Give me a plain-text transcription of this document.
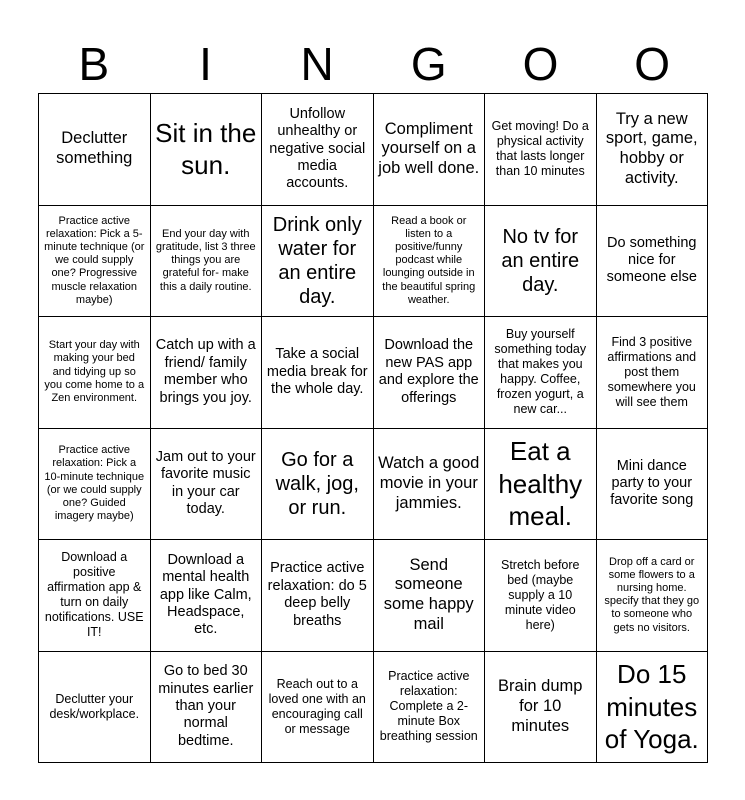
B	I	N	G	O	O
Declutter something
Sit in the sun.
Unfollow unhealthy or negative social media accounts.
Compliment yourself on a job well done.
Get moving! Do a physical activity that lasts longer than 10 minutes
Try a new sport, game, hobby or activity.
Practice active relaxation: Pick a 5-minute technique (or we could supply one? Progressive muscle relaxation maybe)
End your day with gratitude, list 3 three things you are grateful for- make this a daily routine.
Drink only water for an entire day.
Read a book or listen to a positive/funny podcast while lounging outside in the beautiful spring weather.
No tv for an entire day.
Do something nice for someone else
Start your day with making your bed and tidying up so you come home to a Zen environment.
Catch up with a friend/ family member who brings you joy.
Take a social media break for the whole day.
Download the new PAS app and explore the offerings
Buy yourself something today that makes you happy. Coffee, frozen yogurt, a new car...
Find 3 positive affirmations and post them somewhere you will see them
Practice active relaxation: Pick a 10-minute technique (or we could supply one? Guided imagery maybe)
Jam out to your favorite music in your car today.
Go for a walk, jog, or run.
Watch a good movie in your jammies.
Eat a healthy meal.
Mini dance party to your favorite song
Download a positive affirmation app & turn on daily notifications. USE IT!
Download a mental health app like Calm, Headspace, etc.
Practice active relaxation: do 5 deep belly breaths
Send someone some happy mail
Stretch before bed (maybe supply a 10 minute video here)
Drop off a card or some flowers to a nursing home. specify that they go to someone who gets no visitors.
Declutter your desk/workplace.
Go to bed 30 minutes earlier than your normal bedtime.
Reach out to a loved one with an encouraging call or message
Practice active relaxation: Complete a 2-minute Box breathing session
Brain dump for 10 minutes
Do 15 minutes of Yoga.
